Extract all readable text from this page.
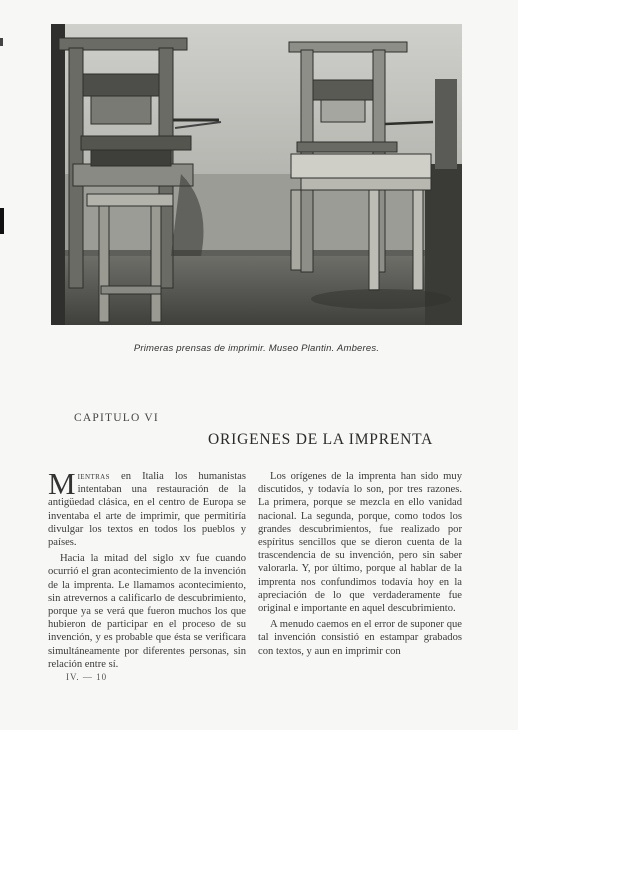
Primeras prensas de imprimir. Museo Plantin. Amberes.
CAPITULO VI
ORIGENES DE LA IMPRENTA

Mientras en Italia los humanistas intentaban una restauración de la antigüedad clásica, en el centro de Europa se inventaba el arte de imprimir, que permitiría divulgar los textos en todos los pueblos y países.

Hacia la mitad del siglo xv fue cuando ocurrió el gran acontecimiento de la invención de la imprenta. Le llamamos acontecimiento, sin atrevernos a calificarlo de descubrimiento, porque ya se verá que fueron muchos los que hubieron de participar en el proceso de su invención, y es probable que ésta se verificara simultáneamente por diferentes personas, sin relación entre sí.

Los orígenes de la imprenta han sido muy discutidos, y todavía lo son, por tres razones. La primera, porque se mezcla en ello vanidad nacional. La segunda, porque, como todos los grandes descubrimientos, fue realizado por espíritus sencillos que se dieron cuenta de la trascendencia de su invención, pero sin saber valorarla. Y, por último, porque al hablar de la imprenta nos confundimos todavía hoy en la apreciación de lo que verdaderamente fue original e importante en aquel descubrimiento.

A menudo caemos en el error de suponer que tal invención consistió en estampar grabados con textos, y aun en imprimir con

IV. — 10
